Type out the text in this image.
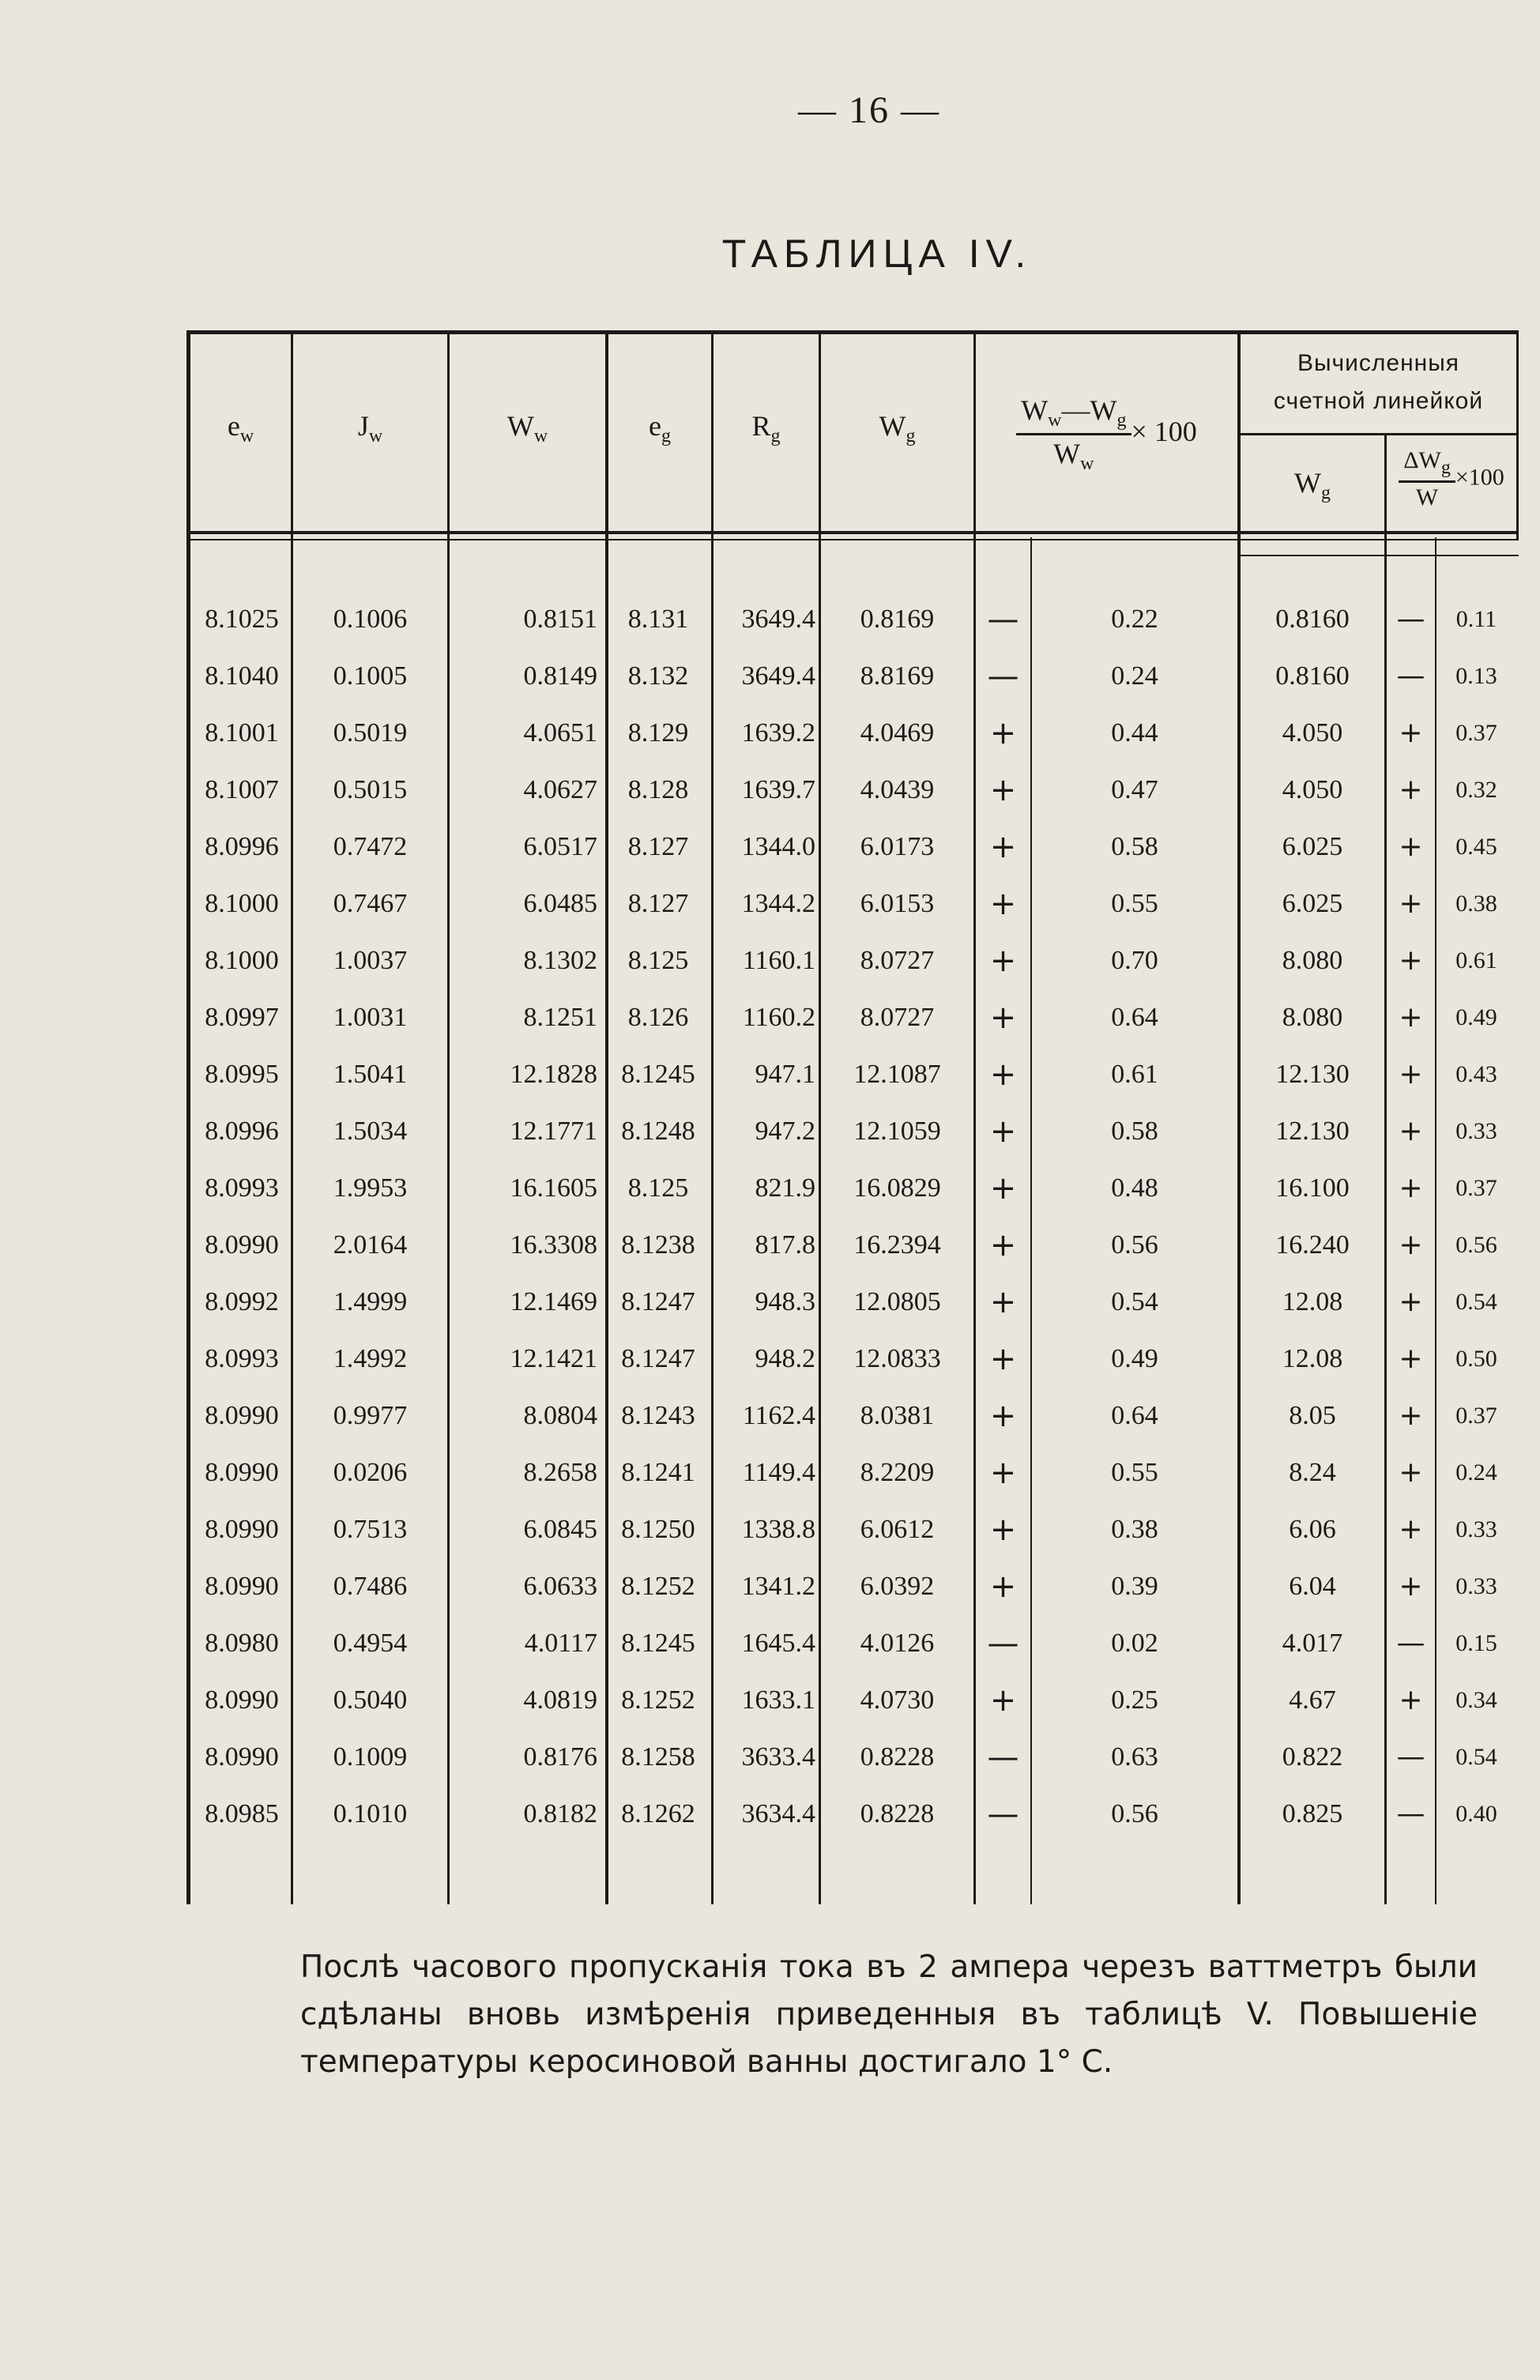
— 16 —
ТАБЛИЦА IV.
$e_w$	$J_w$	$W_w$	$e_g$	$R_g$	$W_g$	$\frac{W_w—W_g}{W_w} \times 100$
Вычисленныя
счетной линейкой
$W_g$	$\frac{\Delta W_g}{W} \times 100$
8.1025	0.1006	0.8151	8.131	3649.4	0.8169	—	0.22	0.8160	—	0.11
8.1040	0.1005	0.8149	8.132	3649.4	8.8169	—	0.24	0.8160	—	0.13
8.1001	0.5019	4.0651	8.129	1639.2	4.0469	+	0.44	4.050	+	0.37
8.1007	0.5015	4.0627	8.128	1639.7	4.0439	+	0.47	4.050	+	0.32
8.0996	0.7472	6.0517	8.127	1344.0	6.0173	+	0.58	6.025	+	0.45
8.1000	0.7467	6.0485	8.127	1344.2	6.0153	+	0.55	6.025	+	0.38
8.1000	1.0037	8.1302	8.125	1160.1	8.0727	+	0.70	8.080	+	0.61
8.0997	1.0031	8.1251	8.126	1160.2	8.0727	+	0.64	8.080	+	0.49
8.0995	1.5041	12.1828 8.1245	947.1	12.1087	+	0.61	12.130	+	0.43
8.0996	1.5034	12.1771 8.1248	947.2	12.1059	+	0.58	12.130	+	0.33
8.0993	1.9953	16.1605	8.125	821.9	16.0829	+	0.48	16.100	+	0.37
8.0990	2.0164	16.3308 8.1238	817.8	16.2394	+	0.56	16.240	+	0.56
8.0992	1.4999	12.1469 8.1247	948.3	12.0805	+	0.54	12.08	+	0.54
8.0993	1.4992	12.1421 8.1247	948.2	12.0833	+	0.49	12.08	+	0.50
8.0990	0.9977	8.0804 8.1243	1162.4	8.0381	+	0.64	8.05	+	0.37
8.0990	0.0206	8.2658 8.1241	1149.4	8.2209	+	0.55	8.24	+	0.24
8.0990	0.7513	6.0845 8.1250	1338.8	6.0612	+	0.38	6.06	+	0.33
8.0990	0.7486	6.0633 8.1252	1341.2	6.0392	+	0.39	6.04	+	0.33
8.0980	0.4954	4.0117 8.1245	1645.4	4.0126	—	0.02	4.017	—	0.15
8.0990	0.5040	4.0819 8.1252	1633.1	4.0730	+	0.25	4.67	+	0.34
8.0990	0.1009	0.8176 8.1258	3633.4	0.8228	—	0.63	0.822	—	0.54
8.0985	0.1010	0.8182 8.1262	3634.4	0.8228	—	0.56	0.825	—	0.40
Послѣ часового пропусканія тока въ 2 ампера черезъ ваттметръ были сдѣланы вновь измѣренія приведенныя въ таблицѣ V. Повышеніе температуры керосиновой ванны достигало 1° С.
